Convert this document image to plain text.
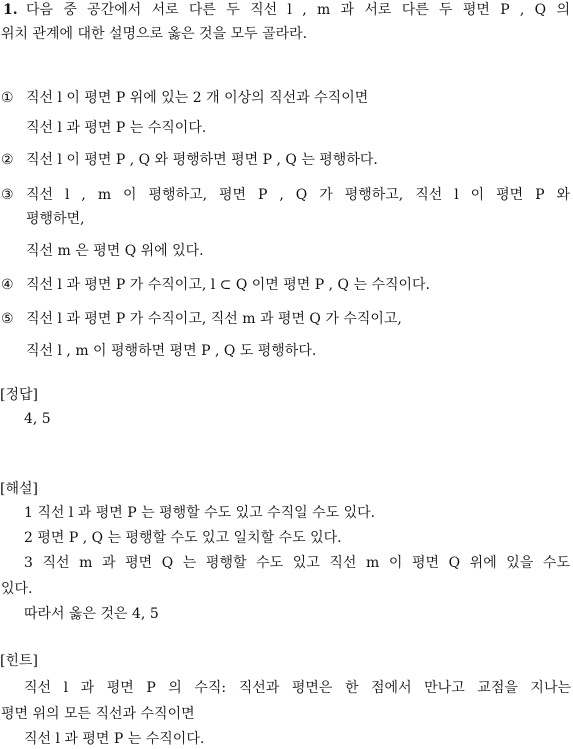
1. 다음 중 공간에서 서로 다른 두 직선 l , m 과 서로 다른 두 평면 P , Q 의
위치 관계에 대한 설명으로 옳은 것을 모두 골라라.
① 직선 l 이 평면 P 위에 있는 2 개 이상의 직선과 수직이면
직선 l 과 평면 P 는 수직이다.
② 직선 l 이 평면 P , Q 와 평행하면 평면 P , Q 는 평행하다.
③ 직선 l , m 이 평행하고, 평면 P , Q 가 평행하고, 직선 l 이 평면 P 와
평행하면,
직선 m 은 평면 Q 위에 있다.
④ 직선 l 과 평면 P 가 수직이고, l ⊂ Q 이면 평면 P , Q 는 수직이다.
⑤ 직선 l 과 평면 P 가 수직이고, 직선 m 과 평면 Q 가 수직이고,
직선 l , m 이 평행하면 평면 P , Q 도 평행하다.
[정답]
4, 5
[해설]
1 직선 l 과 평면 P 는 평행할 수도 있고 수직일 수도 있다.
2 평면 P , Q 는 평행할 수도 있고 일치할 수도 있다.
3 직선 m 과 평면 Q 는 평행할 수도 있고 직선 m 이 평면 Q 위에 있을 수도
있다.
따라서 옳은 것은 4, 5
[힌트]
직선 l 과 평면 P 의 수직: 직선과 평면은 한 점에서 만나고 교점을 지나는
평면 위의 모든 직선과 수직이면
직선 l 과 평면 P 는 수직이다.
